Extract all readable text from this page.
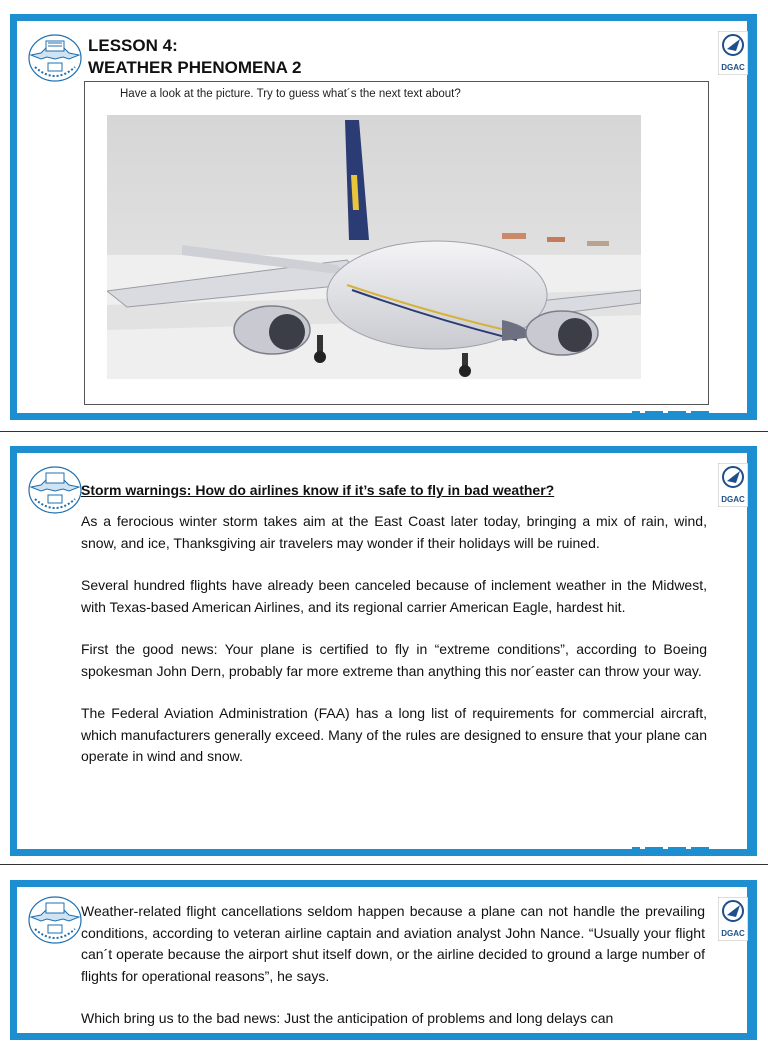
LESSON 4:
WEATHER PHENOMENA 2	DGAC
Have a look at the picture. Try to guess what´s the next text about?
Storm warnings: How do airlines know if it’s safe to fly in bad weather?
DGAC

As a ferocious winter storm takes aim at the East Coast later today, bringing a mix of rain, wind, snow, and ice, Thanksgiving air travelers may wonder if their holidays will be ruined.

Several hundred flights have already been canceled because of inclement weather in the Midwest, with Texas-based American Airlines, and its regional carrier American Eagle, hardest hit.

First the good news: Your plane is certified to fly in “extreme conditions”, according to Boeing spokesman John Dern, probably far more extreme than anything this nor´easter can throw your way.

The Federal Aviation Administration (FAA) has a long list of requirements for commercial aircraft, which manufacturers generally exceed. Many of the rules are designed to ensure that your plane can operate in wind and snow.

DGAC

Weather-related flight cancellations seldom happen because a plane can not handle the prevailing conditions, according to veteran airline captain and aviation analyst John Nance. “Usually your flight can´t operate because the airport shut itself down, or the airline decided to ground a large number of flights for operational reasons”, he says.

Which bring us to the bad news: Just the anticipation of problems and long delays can
